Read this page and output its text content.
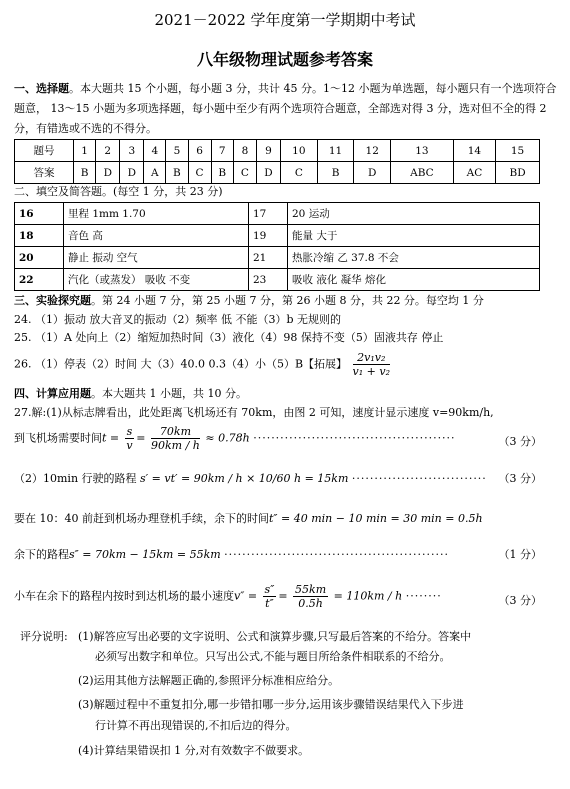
2021－2022 学年度第一学期期中考试
八年级物理试题参考答案
一、选择题。本大题共 15 个小题，每小题 3 分，共计 45 分。1～12 小题为单选题，每小题只有一个选项符合题意， 13～15 小题为多项选择题，每小题中至少有两个选项符合题意，全部选对得 3 分，选对但不全的得 2 分，有错选或不选的不得分。
题号	1	2	3	4	5	6	7	8	9	10	11	12	13	14	15
答案	B	D	D	A	B	C	B	C	D	C	B	D	ABC	AC	BD
二、填空及简答题。(每空 1 分，共 23 分)
16	里程 1mm 1.70	17	20 运动
18	音色 高	19	能量 大于
20	静止 振动 空气	21	热胀冷缩 乙 37.8 不会
22	汽化（或蒸发） 吸收 不变	23	吸收 液化 凝华 熔化
三、实验探究题。第 24 小题 7 分，第 25 小题 7 分，第 26 小题 8 分，共 22 分。每空均 1 分
24. （1）振动 放大音叉的振动（2）频率 低 不能（3）b 无规则的
25. （1）A 处向上（2）缩短加热时间（3）液化（4）98 保持不变（5）固液共存 停止
26. （1）停表（2）时间 大（3）40.0 0.3（4）小（5）B【拓展】 $\frac{\text{2v₁v₂}}{\text{v₁ + v₂}}$
四、计算应用题。本大题共 1 小题，共 10 分。
27.解:(1)从标志牌看出，此处距离飞机场还有 70km，由图 2 可知，速度计显示速度 v=90km/h,
到飞机场需要时间$t = \frac{s}{v} = \frac{70km}{90km / h} \approx 0.78h$ ·············································	（3 分）
（2）10min 行驶的路程 s′ = vt′ = 90km / h × 10/60 h = 15km ······························ （3 分）
要在 10：40 前赶到机场办理登机手续，余下的时间t″ = 40 min − 10 min = 30 min = 0.5h
余下的路程s″ = 70km − 15km = 55km ··················································	（1 分）
小车在余下的路程内按时到达机场的最小速度$v'' = \frac{s''}{t''} = \frac{55km}{0.5h} = 110km / h$ ········	（3 分）
评分说明: (1)解答应写出必要的文字说明、公式和演算步骤,只写最后答案的不给分。答案中
必须写出数字和单位。只写出公式,不能与题目所给条件相联系的不给分。
(2)运用其他方法解题正确的,参照评分标准相应给分。
(3)解题过程中不重复扣分,哪一步错扣哪一步分,运用该步骤错误结果代入下步进
行计算不再出现错误的,不扣后边的得分。
(4)计算结果错误扣 1 分,对有效数字不做要求。
